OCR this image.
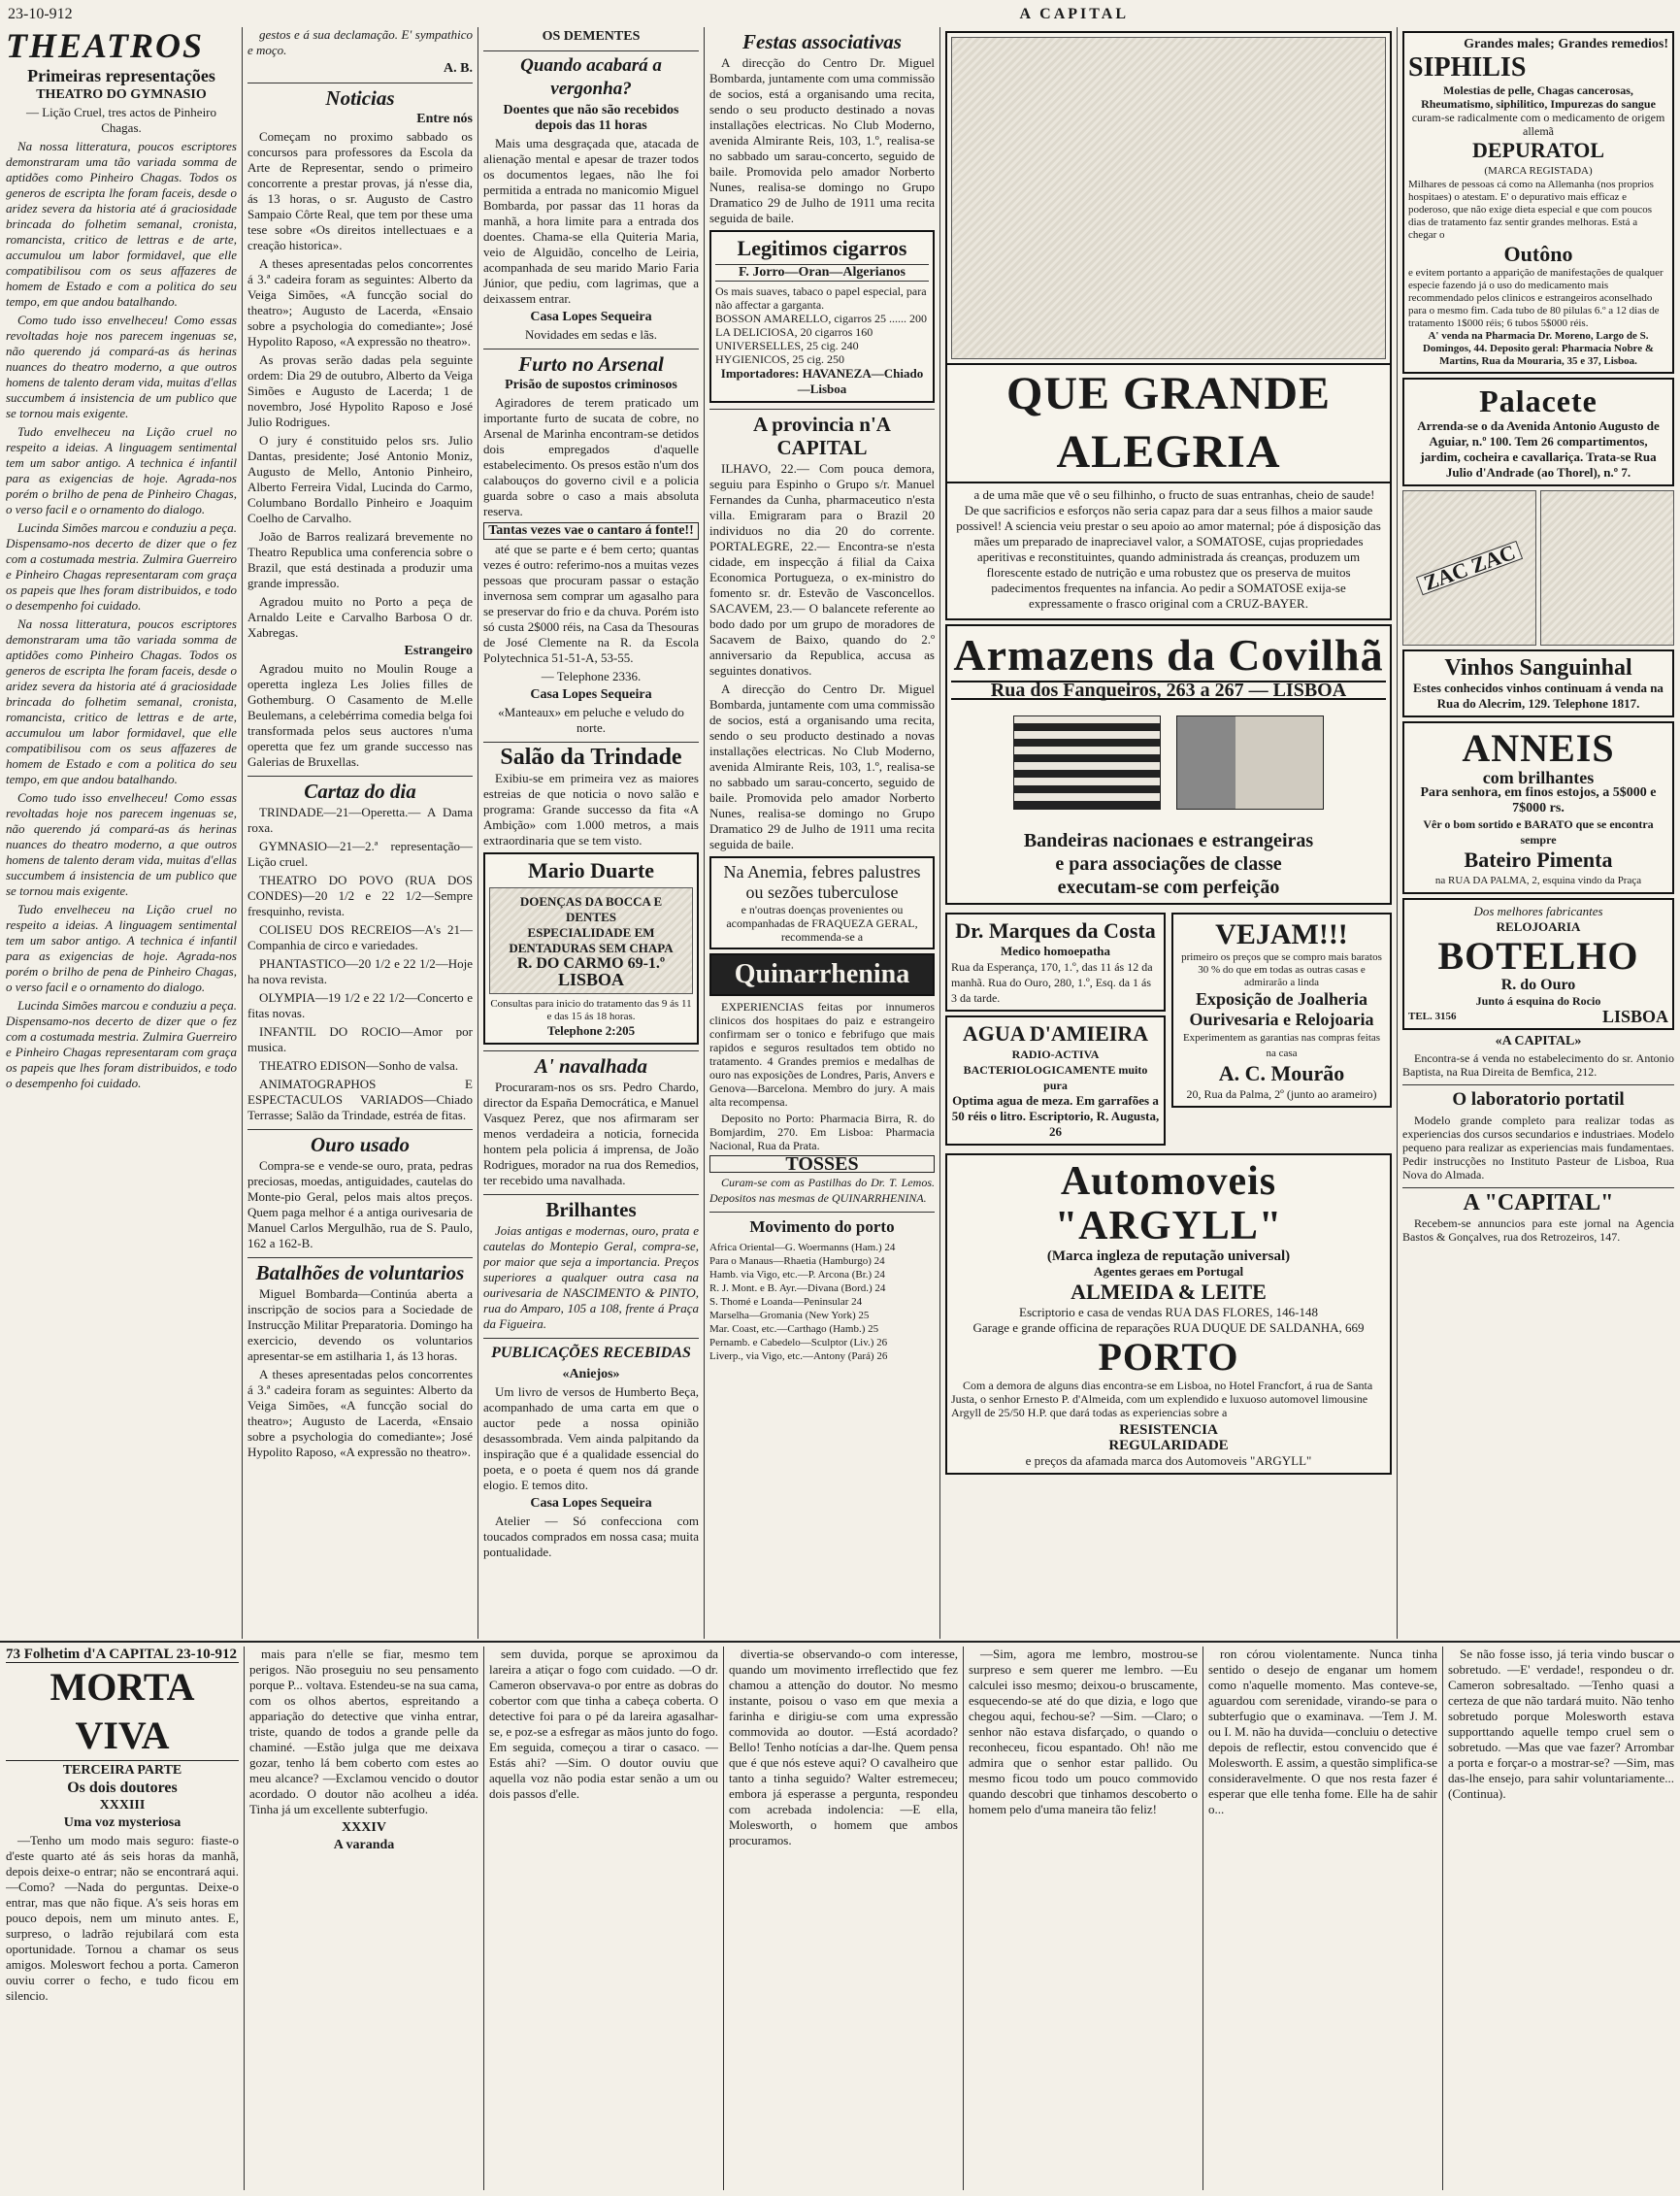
23-10-912	A CAPITAL
THEATROS
Primeiras representações
THEATRO DO GYMNASIO

— Lição Cruel, tres actos de Pinheiro Chagas.

Na nossa litteratura, poucos escriptores demonstraram uma tão variada somma de aptidões como Pinheiro Chagas. Todos os generos de escripta lhe foram faceis, desde o aridez severa da historia até á graciosidade brincada do folhetim semanal, cronista, romancista, critico de lettras e de arte, accumulou um labor formidavel, que elle compatibilisou com os seus affazeres de homem de Estado e com a politica do seu tempo, em que andou batalhando.

Como tudo isso envelheceu! Como essas revoltadas hoje nos parecem ingenuas se, não querendo já compará-as ás herinas nuances do theatro moderno, a que outros homens de talento deram vida, muitas d'ellas succumbem á insistencia de um publico que se tornou mais exigente.

Tudo envelheceu na Lição cruel no respeito a ideias. A linguagem sentimental tem um sabor antigo. A technica é infantil para as exigencias de hoje. Agrada-nos porém o brilho de pena de Pinheiro Chagas, o verso facil e o ornamento do dialogo.

Lucinda Simões marcou e conduziu a peça. Dispensamo-nos decerto de dizer que o fez com a costumada mestria. Zulmira Guerreiro e Pinheiro Chagas representaram com graça os papeis que lhes foram distribuidos, e todo o desempenho foi cuidado.

Na nossa litteratura, poucos escriptores demonstraram uma tão variada somma de aptidões como Pinheiro Chagas. Todos os generos de escripta lhe foram faceis, desde o aridez severa da historia até á graciosidade brincada do folhetim semanal, cronista, romancista, critico de lettras e de arte, accumulou um labor formidavel, que elle compatibilisou com os seus affazeres de homem de Estado e com a politica do seu tempo, em que andou batalhando.

Como tudo isso envelheceu! Como essas revoltadas hoje nos parecem ingenuas se, não querendo já compará-as ás herinas nuances do theatro moderno, a que outros homens de talento deram vida, muitas d'ellas succumbem á insistencia de um publico que se tornou mais exigente.

Tudo envelheceu na Lição cruel no respeito a ideias. A linguagem sentimental tem um sabor antigo. A technica é infantil para as exigencias de hoje. Agrada-nos porém o brilho de pena de Pinheiro Chagas, o verso facil e o ornamento do dialogo.

Lucinda Simões marcou e conduziu a peça. Dispensamo-nos decerto de dizer que o fez com a costumada mestria. Zulmira Guerreiro e Pinheiro Chagas representaram com graça os papeis que lhes foram distribuidos, e todo o desempenho foi cuidado.

gestos e á sua declamação. E' sympathico e moço.

A. B.
Noticias
Entre nós

Começam no proximo sabbado os concursos para professores da Escola da Arte de Representar, sendo o primeiro concorrente a prestar provas, já n'esse dia, ás 13 horas, o sr. Augusto de Castro Sampaio Côrte Real, que tem por these uma tese sobre «Os direitos intellectuaes e a creação historica».

A theses apresentadas pelos concorrentes á 3.ª cadeira foram as seguintes: Alberto da Veiga Simões, «A funcção social do theatro»; Augusto de Lacerda, «Ensaio sobre a psychologia do comediante»; José Hypolito Raposo, «A expressão no theatro».

As provas serão dadas pela seguinte ordem: Dia 29 de outubro, Alberto da Veiga Simões e Augusto de Lacerda; 1 de novembro, José Hypolito Raposo e José Julio Rodrigues.

O jury é constituido pelos srs. Julio Dantas, presidente; José Antonio Moniz, Augusto de Mello, Antonio Pinheiro, Alberto Ferreira Vidal, Lucinda do Carmo, Columbano Bordallo Pinheiro e Joaquim Coelho de Carvalho.

João de Barros realizará brevemente no Theatro Republica uma conferencia sobre o Brazil, que está destinada a produzir uma grande impressão.

Agradou muito no Porto a peça de Arnaldo Leite e Carvalho Barbosa O dr. Xabregas.

Estrangeiro

Agradou muito no Moulin Rouge a operetta ingleza Les Jolies filles de Gothemburg. O Casamento de M.elle Beulemans, a celebérrima comedia belga foi transformada pelos seus auctores n'uma operetta que fez um grande successo nas Galerias de Bruxellas.

Cartaz do dia

TRINDADE—21—Operetta.— A Dama roxa.

GYMNASIO—21—2.ª representação— Lição cruel.

THEATRO DO POVO (RUA DOS CONDES)—20 1/2 e 22 1/2—Sempre fresquinho, revista.

COLISEU DOS RECREIOS—A's 21— Companhia de circo e variedades.

PHANTASTICO—20 1/2 e 22 1/2—Hoje ha nova revista.

OLYMPIA—19 1/2 e 22 1/2—Concerto e fitas novas.

INFANTIL DO ROCIO—Amor por musica.

THEATRO EDISON—Sonho de valsa.

ANIMATOGRAPHOS E ESPECTACULOS VARIADOS—Chiado Terrasse; Salão da Trindade, estréa de fitas.

Ouro usado

Compra-se e vende-se ouro, prata, pedras preciosas, moedas, antiguidades, cautelas do Monte-pio Geral, pelos mais altos preços. Quem paga melhor é a antiga ourivesaria de Manuel Carlos Mergulhão, rua de S. Paulo, 162 a 162-B.

Batalhões de voluntarios

Miguel Bombarda—Continúa aberta a inscripção de socios para a Sociedade de Instrucção Militar Preparatoria. Domingo ha exercicio, devendo os voluntarios apresentar-se em astilharia 1, ás 13 horas.

A theses apresentadas pelos concorrentes á 3.ª cadeira foram as seguintes: Alberto da Veiga Simões, «A funcção social do theatro»; Augusto de Lacerda, «Ensaio sobre a psychologia do comediante»; José Hypolito Raposo, «A expressão no theatro».

OS DEMENTES
Quando acabará a vergonha?
Doentes que não são recebidos depois das 11 horas

Mais uma desgraçada que, atacada de alienação mental e apesar de trazer todos os documentos legaes, não lhe foi permitida a entrada no manicomio Miguel Bombarda, por passar das 11 horas da manhã, a hora limite para a entrada dos doentes. Chama-se ella Quiteria Maria, veio de Alguidão, concelho de Leiria, acompanhada de seu marido Mario Faria Júnior, que pediu, com lagrimas, que a deixassem entrar.

Casa Lopes Sequeira

Novidades em sedas e lãs.

Furto no Arsenal
Prisão de supostos criminosos

Agiradores de terem praticado um importante furto de sucata de cobre, no Arsenal de Marinha encontram-se detidos dois empregados d'aquelle estabelecimento. Os presos estão n'um dos calabouços do governo civil e a policia guarda sobre o caso a mais absoluta reserva.

Tantas vezes vae o cantaro á fonte!!

até que se parte e é bem certo; quantas vezes é outro: referimo-nos a muitas vezes pessoas que procuram passar o estação invernosa sem comprar um agasalho para se preservar do frio e da chuva. Porém isto só custa 2$000 réis, na Casa da Thesouras de José Clemente na R. da Escola Polytechnica 51-51-A, 53-55.

— Telephone 2336.

Casa Lopes Sequeira

«Manteaux» em peluche e veludo do norte.

Salão da Trindade

Exibiu-se em primeira vez as maiores estreias de que noticia o novo salão e programa: Grande successo da fita «A Ambição» com 1.000 metros, a mais extraordinaria que se tem visto.

Mario Duarte
DOENÇAS DA BOCCA E DENTES
ESPECIALIDADE EM
DENTADURAS SEM CHAPA
R. DO CARMO 69-1.º
LISBOA
Consultas para inicio do tratamento das 9 ás 11 e das 15 ás 18 horas.
Telephone 2:205
A' navalhada

Procuraram-nos os srs. Pedro Chardo, director da España Democrática, e Manuel Vasquez Perez, que nos afirmaram ser menos verdadeira a noticia, fornecida hontem pela policia á imprensa, de João Rodrigues, morador na rua dos Remedios, ter recebido uma navalhada.

Brilhantes

Joias antigas e modernas, ouro, prata e cautelas do Montepio Geral, compra-se, por maior que seja a importancia. Preços superiores a qualquer outra casa na ourivesaria de NASCIMENTO & PINTO, rua do Amparo, 105 a 108, frente á Praça da Figueira.

PUBLICAÇÕES RECEBIDAS
«Aniejos»

Um livro de versos de Humberto Beça, acompanhado de uma carta em que o auctor pede a nossa opinião desassombrada. Vem ainda palpitando da inspiração que é a qualidade essencial do poeta, e o poeta é quem nos dá grande elogio. E temos dito.

Casa Lopes Sequeira

Atelier — Só confecciona com toucados comprados em nossa casa; muita pontualidade.

Festas associativas

A direcção do Centro Dr. Miguel Bombarda, juntamente com uma commissão de socios, está a organisando uma recita, sendo o seu producto destinado a novas installações electricas. No Club Moderno, avenida Almirante Reis, 103, 1.º, realisa-se no sabbado um sarau-concerto, seguido de baile. Promovida pelo amador Norberto Nunes, realisa-se domingo no Grupo Dramatico 29 de Julho de 1911 uma recita seguida de baile.

Legitimos cigarros
F. Jorro—Oran—Algerianos
Os mais suaves, tabaco o papel especial, para não affectar a garganta.
BOSSON AMARELLO, cigarros 25 ...... 200
LA DELICIOSA, 20 cigarros 160
UNIVERSELLES, 25 cig. 240
HYGIENICOS, 25 cig. 250
Importadores: HAVANEZA—Chiado—Lisboa
A provincia n'A CAPITAL

ILHAVO, 22.— Com pouca demora, seguiu para Espinho o Grupo s/r. Manuel Fernandes da Cunha, pharmaceutico n'esta villa. Emigraram para o Brazil 20 individuos no dia 20 do corrente. PORTALEGRE, 22.— Encontra-se n'esta cidade, em inspecção á filial da Caixa Economica Portugueza, o ex-ministro do fomento sr. dr. Estevão de Vasconcellos. SACAVEM, 23.— O balancete referente ao bodo dado por um grupo de moradores de Sacavem de Baixo, quando do 2.º anniversario da Republica, accusa as seguintes donativos.

A direcção do Centro Dr. Miguel Bombarda, juntamente com uma commissão de socios, está a organisando uma recita, sendo o seu producto destinado a novas installações electricas. No Club Moderno, avenida Almirante Reis, 103, 1.º, realisa-se no sabbado um sarau-concerto, seguido de baile. Promovida pelo amador Norberto Nunes, realisa-se domingo no Grupo Dramatico 29 de Julho de 1911 uma recita seguida de baile.

Na Anemia, febres palustres ou sezões tuberculose
e n'outras doenças provenientes ou acompanhadas de FRAQUEZA GERAL, recommenda-se a
Quinarrhenina

EXPERIENCIAS feitas por innumeros clinicos dos hospitaes do paiz e estrangeiro confirmam ser o tonico e febrifugo que mais rapidos e seguros resultados tem obtido no tratamento. 4 Grandes premios e medalhas de ouro nas exposições de Londres, Paris, Anvers e Genova—Barcelona. Membro do jury. A mais alta recompensa.

Deposito no Porto: Pharmacia Birra, R. do Bomjardim, 270. Em Lisboa: Pharmacia Nacional, Rua da Prata.

TOSSES

Curam-se com as Pastilhas do Dr. T. Lemos. Depositos nas mesmas de QUINARRHENINA.

Movimento do porto
Africa Oriental—G. Woermanns (Ham.) 24
Para o Manaus—Rhaetia (Hamburgo) 24
Hamb. via Vigo, etc.—P. Arcona (Br.) 24
R. J. Mont. e B. Ayr.—Divana (Bord.) 24
S. Thomé e Loanda—Peninsular 24
Marselha—Gromania (New York) 25
Mar. Coast, etc.—Carthago (Hamb.) 25
Pernamb. e Cabedelo—Sculptor (Liv.) 26
Liverp., via Vigo, etc.—Antony (Pará) 26
QUE GRANDE ALEGRIA

a de uma mãe que vê o seu filhinho, o fructo de suas entranhas, cheio de saude! De que sacrificios e esforços não seria capaz para dar a seus filhos a maior saude possivel! A sciencia veiu prestar o seu apoio ao amor maternal; póe á disposição das mães um preparado de inapreciavel valor, a SOMATOSE, cujas propriedades aperitivas e reconstituintes, quando administrada ás creanças, produzem um florescente estado de nutrição e uma robustez que os preserva de muitos padecimentos frequentes na infancia. Ao pedir a SOMATOSE exija-se expressamente o frasco original com a CRUZ-BAYER.

Armazens da Covilhã
Rua dos Fanqueiros, 263 a 267 — LISBOA

Bandeiras nacionaes e estrangeiras
e para associações de classe
executam-se com perfeição
Dr. Marques da Costa
Medico homoepatha
Rua da Esperança, 170, 1.º, das 11 ás 12 da manhã. Rua do Ouro, 280, 1.º, Esq. da 1 ás 3 da tarde.
AGUA D'AMIEIRA
RADIO-ACTIVA BACTERIOLOGICAMENTE muito pura
Optima agua de meza. Em garrafões a 50 réis o litro. Escriptorio, R. Augusta, 26
VEJAM!!!
primeiro os preços que se compro mais baratos 30 % do que em todas as outras casas e admirarão a linda
Exposição de Joalheria Ourivesaria e Relojoaria
Experimentem as garantias nas compras feitas na casa
A. C. Mourão
20, Rua da Palma, 2º (junto ao arameiro)
Automoveis "ARGYLL"
(Marca ingleza de reputação universal)
Agentes geraes em Portugal
ALMEIDA & LEITE
Escriptorio e casa de vendas RUA DAS FLORES, 146-148
Garage e grande officina de reparações RUA DUQUE DE SALDANHA, 669
PORTO

Com a demora de alguns dias encontra-se em Lisboa, no Hotel Francfort, á rua de Santa Justa, o senhor Ernesto P. d'Almeida, com um explendido e luxuoso automovel limousine Argyll de 25/50 H.P. que dará todas as experiencias sobre a

RESISTENCIA
REGULARIDADE
e preços da afamada marca dos Automoveis "ARGYLL"
Grandes males; Grandes remedios!
SIPHILIS
Molestias de pelle, Chagas cancerosas, Rheumatismo, siphilitico, Impurezas do sangue
curam-se radicalmente com o medicamento de origem allemã
DEPURATOL
(MARCA REGISTADA)
Milhares de pessoas cá como na Allemanha (nos proprios hospitaes) o atestam. E' o depurativo mais efficaz e poderoso, que não exige dieta especial e que com poucos dias de tratamento faz sentir grandes melhoras. Está a chegar o
Outôno
e evitem portanto a apparição de manifestações de qualquer especie fazendo já o uso do medicamento mais recommendado pelos clinicos e estrangeiros aconselhado para o mesmo fim. Cada tubo de 80 pilulas 6.º a 12 dias de tratamento 1$000 réis; 6 tubos 5$000 réis.
A' venda na Pharmacia Dr. Moreno, Largo de S. Domingos, 44. Deposito geral: Pharmacia Nobre & Martins, Rua da Mouraria, 35 e 37, Lisboa.
Palacete
Arrenda-se o da Avenida Antonio Augusto de Aguiar, n.º 100. Tem 26 compartimentos, jardim, cocheira e cavallariça. Trata-se Rua Julio d'Andrade (ao Thorel), n.º 7.
ZAC ZAC
Vinhos Sanguinhal
Estes conhecidos vinhos continuam á venda na Rua do Alecrim, 129. Telephone 1817.
ANNEIS
com brilhantes
Para senhora, em finos estojos, a 5$000 e 7$000 rs.
Vêr o bom sortido e BARATO que se encontra sempre
Bateiro Pimenta
na RUA DA PALMA, 2, esquina vindo da Praça
Dos melhores fabricantes
RELOJOARIA
BOTELHO
R. do Ouro
Junto á esquina do Rocio
TEL. 3156	LISBOA
«A CAPITAL»

Encontra-se á venda no estabelecimento do sr. Antonio Baptista, na Rua Direita de Bemfica, 212.

O laboratorio portatil

Modelo grande completo para realizar todas as experiencias dos cursos secundarios e industriaes. Modelo pequeno para realizar as experiencias mais fundamentaes. Pedir instrucções no Instituto Pasteur de Lisboa, Rua Nova do Almada.

A "CAPITAL"

Recebem-se annuncios para este jornal na Agencia Bastos & Gonçalves, rua dos Retrozeiros, 147.

73 Folhetim d'A CAPITAL 23-10-912
MORTA VIVA
TERCEIRA PARTE
Os dois doutores
XXXIII
Uma voz mysteriosa

—Tenho um modo mais seguro: fiaste-o d'este quarto até ás seis horas da manhã, depois deixe-o entrar; não se encontrará aqui. —Como? —Nada do perguntas. Deixe-o entrar, mas que não fique. A's seis horas em pouco depois, nem um minuto antes. E, surpreso, o ladrão rejubilará com esta oportunidade. Tornou a chamar os seus amigos. Moleswort fechou a porta. Cameron ouviu correr o fecho, e tudo ficou em silencio.

mais para n'elle se fiar, mesmo tem perigos. Não proseguiu no seu pensamento porque P... voltava. Estendeu-se na sua cama, com os olhos abertos, espreitando a appariação do detective que vinha entrar, triste, quando de todos a grande pelle da chaminé. —Estão julga que me deixava gozar, tenho lá bem coberto com estes ao meu alcance? —Exclamou vencido o doutor acordado. O doutor não acolheu a idéa. Tinha já um excellente subterfugio.

XXXIV
A varanda

sem duvida, porque se aproximou da lareira a atiçar o fogo com cuidado. —O dr. Cameron observava-o por entre as dobras do cobertor com que tinha a cabeça coberta. O detective foi para o pé da lareira agasalhar-se, e poz-se a esfregar as mãos junto do fogo. Em seguida, começou a tirar o casaco. —Estás ahi? —Sim. O doutor ouviu que aquella voz não podia estar senão a um ou dois passos d'elle.

divertia-se observando-o com interesse, quando um movimento irreflectido que fez chamou a attenção do doutor. No mesmo instante, poisou o vaso em que mexia a farinha e dirigiu-se com uma expressão commovida ao doutor. —Está acordado? Bello! Tenho notícias a dar-lhe. Quem pensa que é que nós esteve aqui? O cavalheiro que tanto a tinha seguido? Walter estremeceu; embora já esperasse a pergunta, respondeu com acrebada indolencia: —E ella, Molesworth, o homem que ambos procuramos.

—Sim, agora me lembro, mostrou-se surpreso e sem querer me lembro. —Eu calculei isso mesmo; deixou-o bruscamente, esquecendo-se até do que dizia, e logo que chegou aqui, fechou-se? —Sim. —Claro; o senhor não estava disfarçado, o quando o reconheceu, ficou espantado. Oh! não me admira que o senhor estar pallido. Ou mesmo ficou todo um pouco commovido quando descobri que tinhamos descoberto o homem pelo d'uma maneira tão feliz!

ron córou violentamente. Nunca tinha sentido o desejo de enganar um homem como n'aquelle momento. Mas conteve-se, aguardou com serenidade, virando-se para o subterfugio que o examinava. —Tem J. M. ou I. M. não ha duvida—concluiu o detective depois de reflectir, estou convencido que é Molesworth. E assim, a questão simplifica-se consideravelmente. O que nos resta fazer é esperar que elle tenha fome. Elle ha de sahir o...

Se não fosse isso, já teria vindo buscar o sobretudo. —E' verdade!, respondeu o dr. Cameron sobresaltado. —Tenho quasi a certeza de que não tardará muito. Não tenho sobretudo porque Molesworth estava supporttando aquelle tempo cruel sem o sobretudo. —Mas que vae fazer? Arrombar a porta e forçar-o a mostrar-se? —Sim, mas das-lhe ensejo, para sahir voluntariamente... (Continua).
